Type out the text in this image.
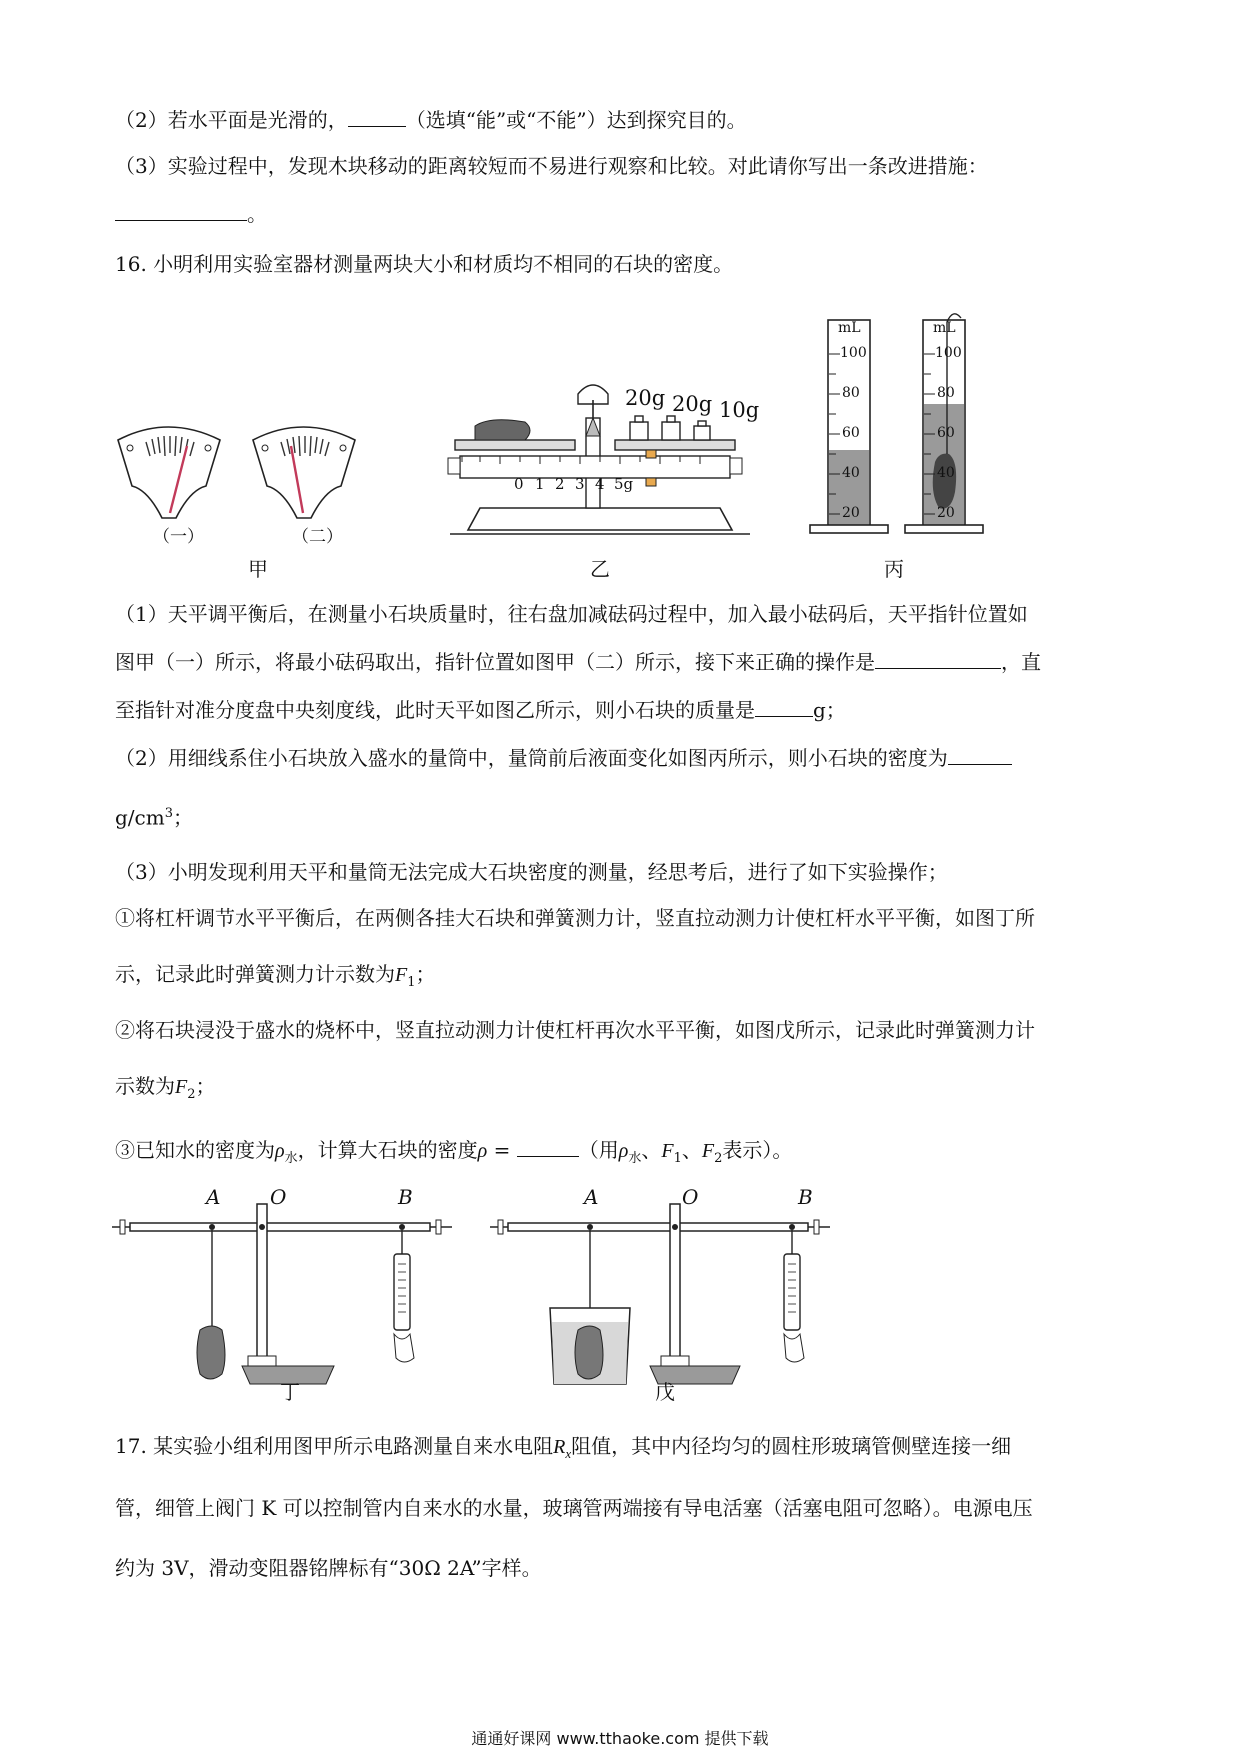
（2）若水平面是光滑的，	（选填“能”或“不能”）达到探究目的。
（3）实验过程中，发现木块移动的距离较短而不易进行观察和比较。对此请你写出一条改进措施：
。
16. 小明利用实验室器材测量两块大小和材质均不相同的石块的密度。
（一）	（二）
甲
20g 20g 10g
0 1 2 3 4 5g
乙
mL
100
80
60
40
20
mL
100
80
60
40
20
丙
（1）天平调平衡后，在测量小石块质量时，往右盘加减砝码过程中，加入最小砝码后，天平指针位置如
图甲（一）所示，将最小砝码取出，指针位置如图甲（二）所示，接下来正确的操作是	，直
至指针对准分度盘中央刻度线，此时天平如图乙所示，则小石块的质量是	g；
（2）用细线系住小石块放入盛水的量筒中，量筒前后液面变化如图丙所示，则小石块的密度为
$g/cm^3$；
（3）小明发现利用天平和量筒无法完成大石块密度的测量，经思考后，进行了如下实验操作；
①将杠杆调节水平平衡后，在两侧各挂大石块和弹簧测力计，竖直拉动测力计使杠杆水平平衡，如图丁所
示，记录此时弹簧测力计示数为$F_1$；
②将石块浸没于盛水的烧杯中，竖直拉动测力计使杠杆再次水平平衡，如图戊所示，记录此时弹簧测力计
示数为$F_2$；
③已知水的密度为$\rho_水$，计算大石块的密度ρ =	（用$\rho_水$、$F_1$、$F_2$表示）。
A O	B
丁
A	O	B
戊
17. 某实验小组利用图甲所示电路测量自来水电阻$R_x$阻值，其中内径均匀的圆柱形玻璃管侧壁连接一细
管，细管上阀门 K 可以控制管内自来水的水量，玻璃管两端接有导电活塞（活塞电阻可忽略）。电源电压
约为 3V，滑动变阻器铭牌标有“30Ω 2A”字样。
通通好课网 www.tthaoke.com 提供下载
